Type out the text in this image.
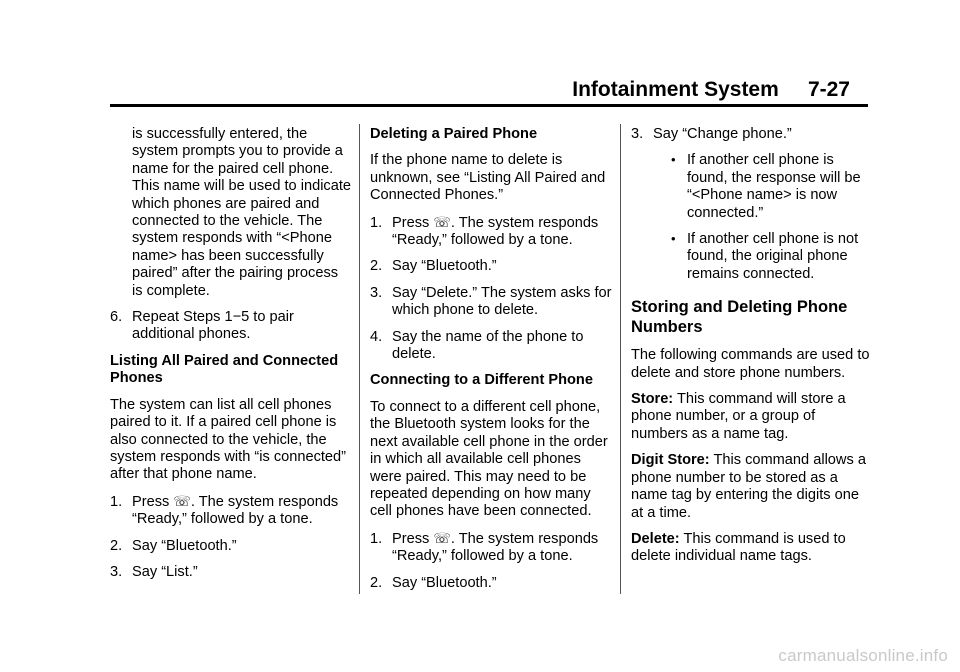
Infotainment System     7-27

is successfully entered, the system prompts you to provide a name for the paired cell phone. This name will be used to indicate which phones are paired and connected to the vehicle. The system responds with “<Phone name> has been successfully paired” after the pairing process is complete.

6. Repeat Steps 1−5 to pair additional phones.

Listing All Paired and Connected Phones

The system can list all cell phones paired to it. If a paired cell phone is also connected to the vehicle, the system responds with “is connected” after that phone name.

1. Press ☏. The system responds “Ready,” followed by a tone.

2. Say “Bluetooth.”

3. Say “List.”

Deleting a Paired Phone

If the phone name to delete is unknown, see “Listing All Paired and Connected Phones.”

1. Press ☏. The system responds “Ready,” followed by a tone.

2. Say “Bluetooth.”

3. Say “Delete.” The system asks for which phone to delete.

4. Say the name of the phone to delete.

Connecting to a Different Phone

To connect to a different cell phone, the Bluetooth system looks for the next available cell phone in the order in which all available cell phones were paired. This may need to be repeated depending on how many cell phones have been connected.

1. Press ☏. The system responds “Ready,” followed by a tone.

2. Say “Bluetooth.”

3. Say “Change phone.”

• If another cell phone is found, the response will be “<Phone name> is now connected.”

• If another cell phone is not found, the original phone remains connected.

Storing and Deleting Phone Numbers

The following commands are used to delete and store phone numbers.

Store: This command will store a phone number, or a group of numbers as a name tag.

Digit Store: This command allows a phone number to be stored as a name tag by entering the digits one at a time.

Delete: This command is used to delete individual name tags.

carmanualsonline.info
